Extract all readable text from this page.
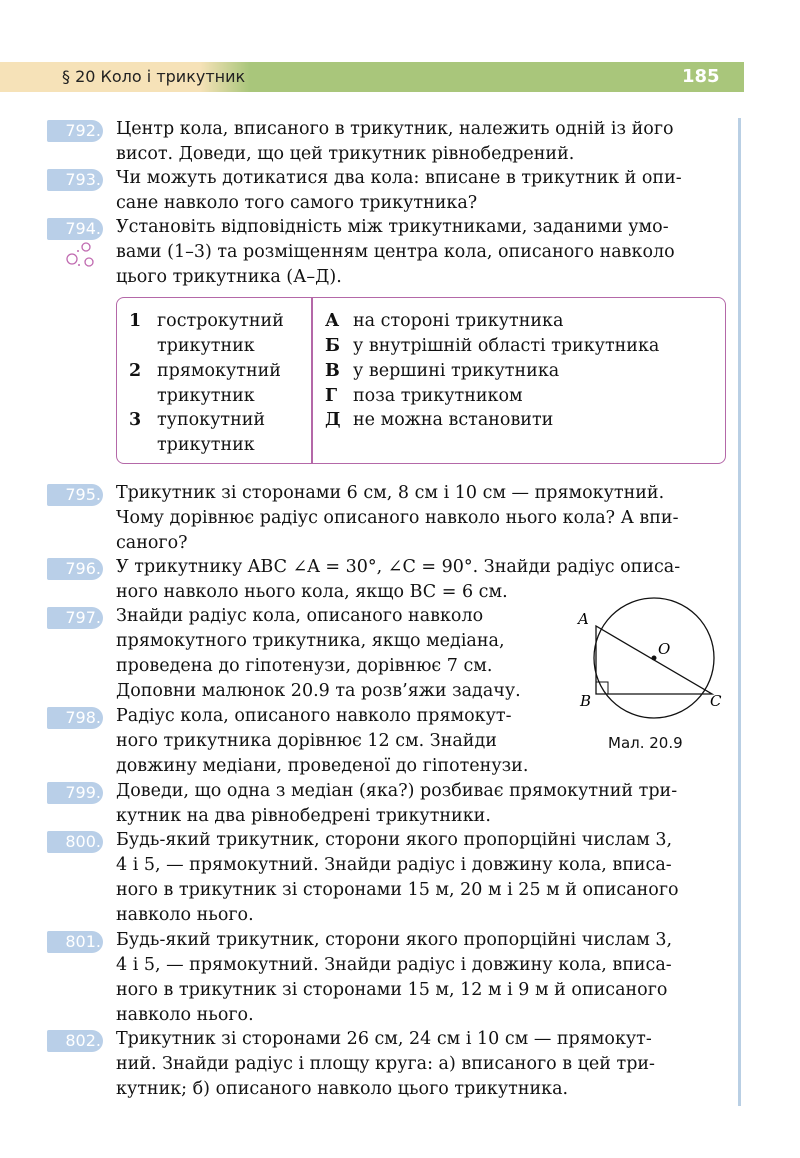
§ 20 Коло і трикутник	185
792. Центр кола, вписаного в трикутник, належить одній із його
висот. Доведи, що цей трикутник рівнобедрений.
793. Чи можуть дотикатися два кола: вписане в трикутник й опи-
сане навколо того самого трикутника?
794. Установіть відповідність між трикутниками, заданими умо-
вами (1–3) та розміщенням центра кола, описаного навколо
цього трикутника (А–Д).
1 гострокутний
трикутник
2 прямокутний
трикутник
3 тупокутний
трикутник
А на стороні трикутника
Б у внутрішній області трикутника
В у вершині трикутника
Г поза трикутником
Д не можна встановити
795. Трикутник зі сторонами 6 см, 8 см і 10 см — прямокутний.
Чому дорівнює радіус описаного навколо нього кола? А впи-
саного?
796. У трикутнику ABC ∠A = 30°, ∠C = 90°. Знайди радіус описа-
ного навколо нього кола, якщо BC = 6 см.
797. Знайди радіус кола, описаного навколо
прямокутного трикутника, якщо медіана,
проведена до гіпотенузи, дорівнює 7 см.
Доповни малюнок 20.9 та розв’яжи задачу.
798. Радіус кола, описаного навколо прямокут-
ного трикутника дорівнює 12 см. Знайди
довжину медіани, проведеної до гіпотенузи.
A
B	C
O
Мал. 20.9
799. Доведи, що одна з медіан (яка?) розбиває прямокутний три-
кутник на два рівнобедрені трикутники.
800. Будь-який трикутник, сторони якого пропорційні числам 3,
4 і 5, — прямокутний. Знайди радіус і довжину кола, вписа-
ного в трикутник зі сторонами 15 м, 20 м і 25 м й описаного
навколо нього.
801. Будь-який трикутник, сторони якого пропорційні числам 3,
4 і 5, — прямокутний. Знайди радіус і довжину кола, вписа-
ного в трикутник зі сторонами 15 м, 12 м і 9 м й описаного
навколо нього.
802. Трикутник зі сторонами 26 см, 24 см і 10 см — прямокут-
ний. Знайди радіус і площу круга: а) вписаного в цей три-
кутник; б) описаного навколо цього трикутника.
